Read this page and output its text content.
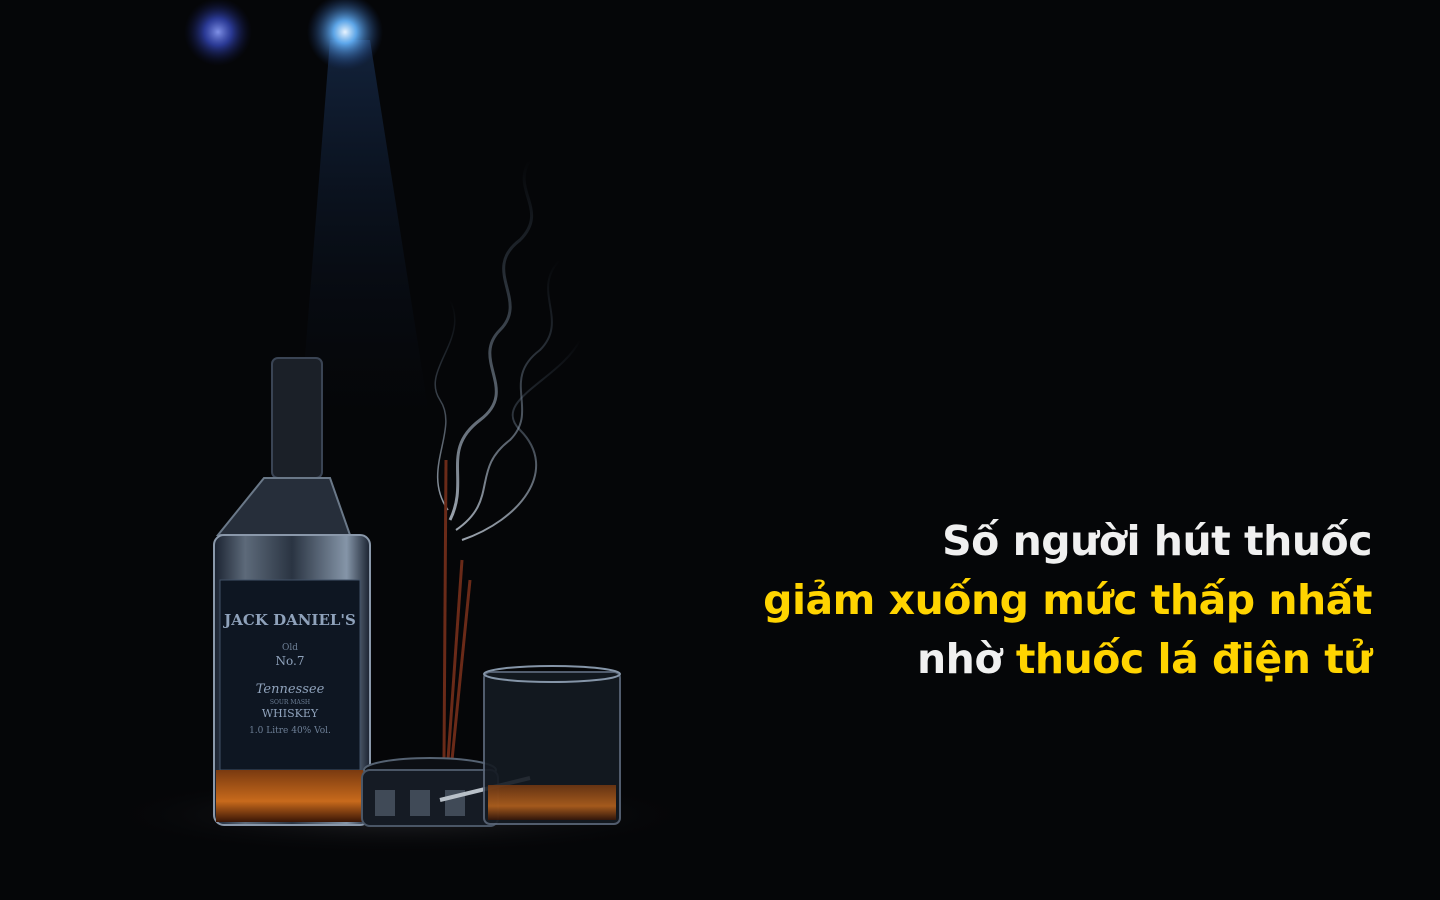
JACK DANIEL'S
Old
No.7
Tennessee
SOUR MASH
WHISKEY
1.0 Litre 40% Vol.
Số người hút thuốc
giảm xuống mức thấp nhất
nhờ thuốc lá điện tử
